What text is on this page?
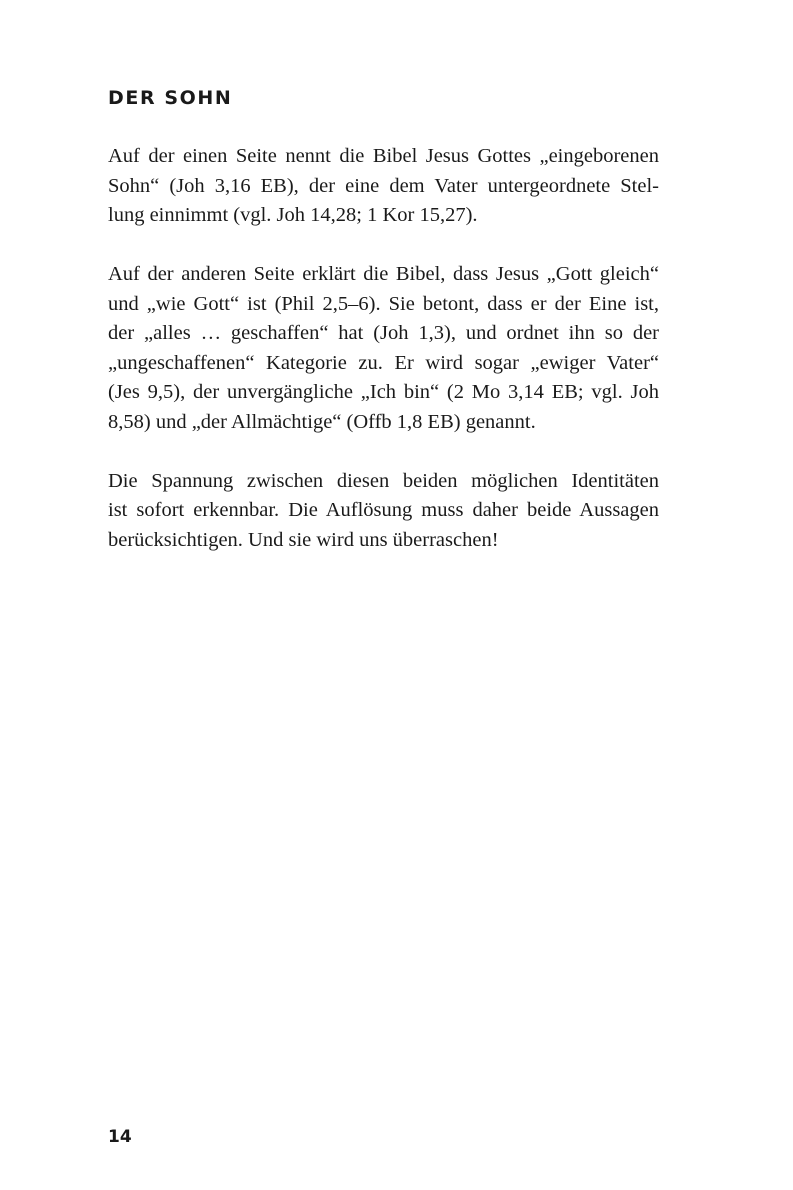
DER SOHN

Auf der einen Seite nennt die Bibel Jesus Gottes „eingeborenen
Sohn“ (Joh 3,16 EB), der eine dem Vater untergeordnete Stel-
lung einnimmt (vgl. Joh 14,28; 1 Kor 15,27).

Auf der anderen Seite erklärt die Bibel, dass Jesus „Gott gleich“
und „wie Gott“ ist (Phil 2,5–6). Sie betont, dass er der Eine ist,
der „alles … geschaffen“ hat (Joh 1,3), und ordnet ihn so der
„ungeschaffenen“ Kategorie zu. Er wird sogar „ewiger Vater“
(Jes 9,5), der unvergängliche „Ich bin“ (2 Mo 3,14 EB; vgl. Joh
8,58) und „der Allmächtige“ (Offb 1,8 EB) genannt.

Die Spannung zwischen diesen beiden möglichen Identitäten
ist sofort erkennbar. Die Auflösung muss daher beide Aussagen
berücksichtigen. Und sie wird uns überraschen!

14
